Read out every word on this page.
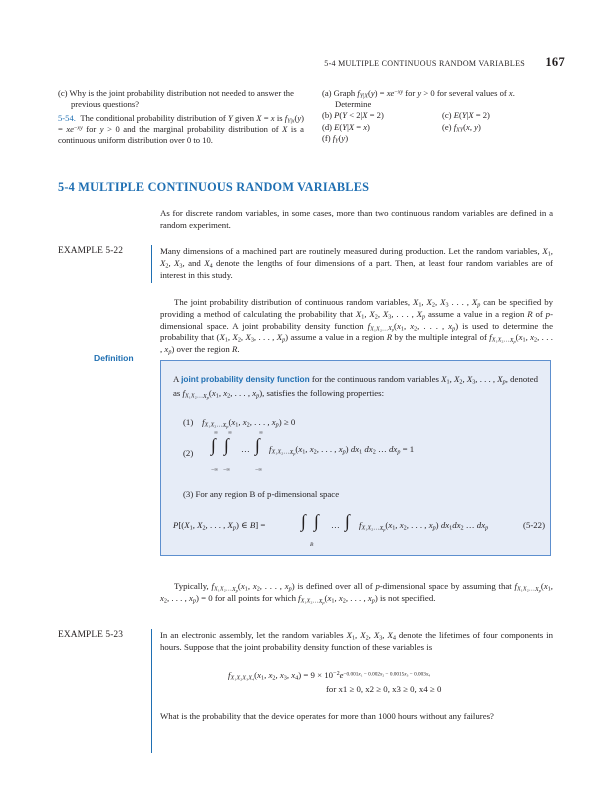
5-4 MULTIPLE CONTINUOUS RANDOM VARIABLES 167
(c) Why is the joint probability distribution not needed to answer the previous questions?
5-54.  The conditional probability distribution of Y given X = x is $f_{Y|x}(y) = xe^{-xy}$ for y > 0 and the marginal probability distribution of X is a continuous uniform distribution over 0 to 10.
(a) Graph $f_{Y|X}(y) = xe^{-xy}$ for y > 0 for several values of x.
Determine
(b) P(Y < 2|X = 2)	(c) E(Y|X = 2)
(d) E(Y|X = x)	(e) $f_{XY}(x$, y)
(f) $f_Y(y)$
5-4 MULTIPLE CONTINUOUS RANDOM VARIABLES
As for discrete random variables, in some cases, more than two continuous random variables are defined in a random experiment.
EXAMPLE 5-22	Many dimensions of a machined part are routinely measured during production. Let the random variables, $X_1$, $X_2$, $X_3$, and $X_4$ denote the lengths of four dimensions of a part. Then, at least four random variables are of interest in this study.
The joint probability distribution of continuous random variables, $X_1$, $X_2$, $X_3$ . . . , $X_p$ can be specified by providing a method of calculating the probability that $X_1$, $X_2$, $X_3$, . . . , $X_p$ assume a value in a region R of p-dimensional space. A joint probability density function $f_{X_1X_2\dots X_p}(x_1$, $x_2$, . . . , $x_p$) is used to determine the probability that ($X_1$, $X_2$, $X_3$, . . . , $X_p$) assume a value in a region R by the multiple integral of $f_{X_1X_2\dots X_p}(x_1$, $x_2$, . . . , $x_p$) over the region R.
Definition
A joint probability density function for the continuous random variables $X_1$, $X_2$, $X_3$, . . . , $X_p$, denoted as $f_{X_1X_2\dots X_p}(x_1$, $x_2$, . . . , $x_p$), satisfies the following properties:
(1) $f_{X_1X_2\dots X_p}(x_1$, $x_2$, . . . , $x_p) \ge 0$
(2)
∞ ∞	∞
∫ ∫ … ∫
−∞ −∞	−∞
$f_{X_1X_2\dots X_p}(x_1$, $x_2$, . . . , $x_p$) $dx_1$ $dx_2$ … $dx_p = 1$
(3) For any region B of p-dimensional space
$P[(X_1$, $X_2$, . . . , $X_p$) ∈ B] = ∫ ∫
B
… ∫ $f_{X_1X_2\dots X_p}(x_1$, $x_2$, . . . , $x_p$) $dx_1dx_2$ … $dx_p$	(5-22)
Typically, $f_{X_1X_2\dots X_p}(x_1$, $x_2$, . . . , $x_p$) is defined over all of p-dimensional space by assuming that $f_{X_1X_2\dots X_p}(x_1$, $x_2$, . . . , $x_p) = 0$ for all points for which $f_{X_1X_2\dots X_p}(x_1$, $x_2$, . . . , $x_p$) is not specified.
EXAMPLE 5-23	In an electronic assembly, let the random variables $X_1$, $X_2$, $X_3$, $X_4$ denote the lifetimes of four components in hours. Suppose that the joint probability density function of these variables is
$f_{X_1X_2X_3X_4}(x_1$, $x_2$, $x_3$, $x_4) = 9 \times 10^{-2}e^{-0.001x_1 - 0.002x_2 - 0.0015x_3 - 0.003x_4}$
for x1 ≥ 0, x2 ≥ 0, x3 ≥ 0, x4 ≥ 0
What is the probability that the device operates for more than 1000 hours without any failures?
